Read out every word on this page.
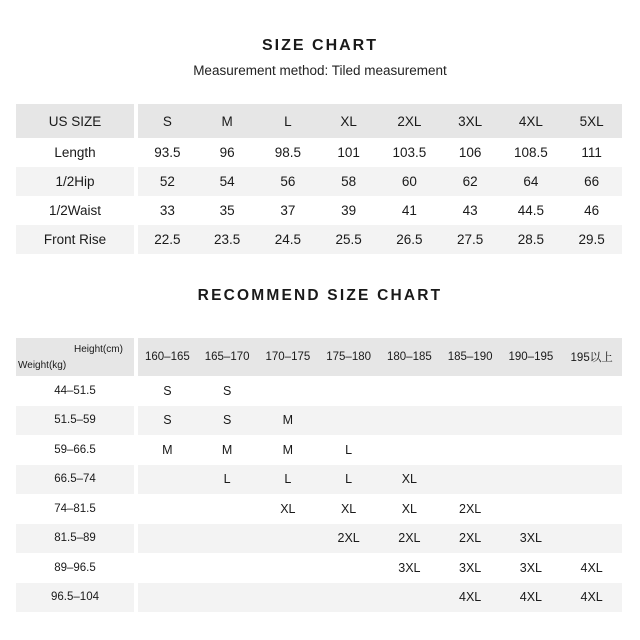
SIZE CHART
Measurement method: Tiled measurement
US SIZE	S	M	L	XL	2XL	3XL	4XL	5XL
Length	93.5	96	98.5	101	103.5	106	108.5	111
1/2Hip	52	54	56	58	60	62	64	66
1/2Waist	33	35	37	39	41	43	44.5	46
Front Rise	22.5	23.5	24.5	25.5	26.5	27.5	28.5	29.5
RECOMMEND SIZE CHART
Weight(kg)
Height(cm)	160–165	165–170	170–175	175–180	180–185	185–190	190–195	195以上
44–51.5	S	S						
51.5–59	S	S	M					
59–66.5	M	M	M	L				
66.5–74		L	L	L	XL			
74–81.5			XL	XL	XL	2XL		
81.5–89				2XL	2XL	2XL	3XL	
89–96.5					3XL	3XL	3XL	4XL
96.5–104						4XL	4XL	4XL
